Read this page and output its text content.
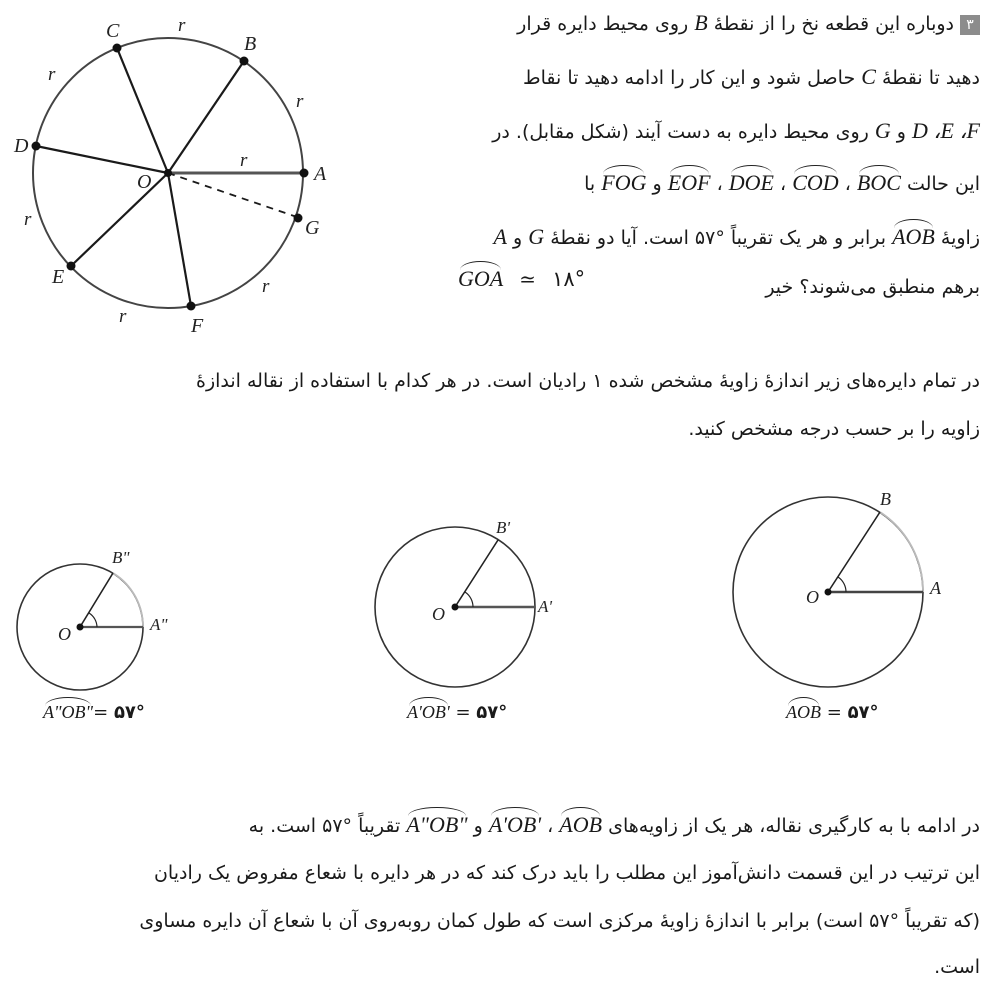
O	A
B
C
D
E
F
G
r
r
r
r
r
r
r
۳دوباره این قطعه نخ را از نقطهٔ B روی محیط دایره قرار
دهید تا نقطهٔ C حاصل شود و این کار را ادامه دهید تا نقاط
D ،E ،F و G روی محیط دایره به دست آیند (شکل مقابل). در
این حالت BOC ، COD ، DOE ، EOF و FOG با
زاویهٔ AOB برابر و هر یک تقریباً °۵۷ است. آیا دو نقطهٔ G و A
برهم منطبق می‌شوند؟ خیر
GOA ≃ ۱۸°
در تمام دایره‌های زیر اندازهٔ زاویهٔ مشخص شده ۱ رادیان است. در هر کدام با استفاده از نقاله اندازهٔ
زاویه را بر حسب درجه مشخص کنید.
O	A"
B"
A"OB"= ۵۷°
O	A'
B'
A'OB' = ۵۷°
O	A
B
AOB = ۵۷°
در ادامه با به کارگیری نقاله، هر یک از زاویه‌های AOB ، A'OB' و A"OB" تقریباً °۵۷ است. به
این ترتیب در این قسمت دانش‌آموز این مطلب را باید درک کند که در هر دایره با شعاع مفروض یک رادیان
(که تقریباً °۵۷ است) برابر با اندازهٔ زاویهٔ مرکزی است که طول کمان روبه‌روی آن با شعاع آن دایره مساوی
است.
